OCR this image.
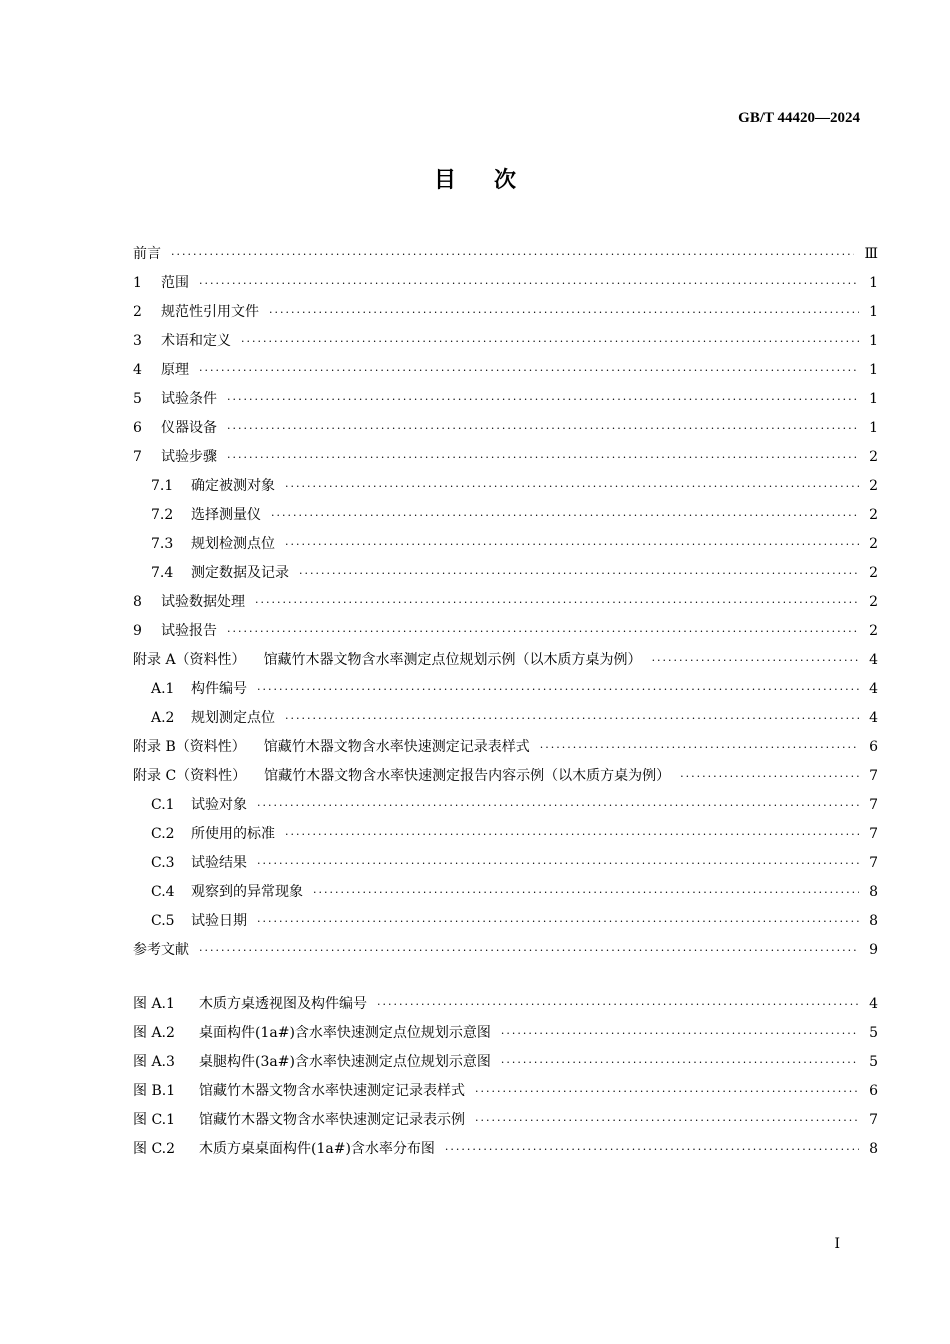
GB/T 44420—2024
目次
前言 ·····	Ⅲ
1	范围 ·····	1
2	规范性引用文件 ·····	1
3	术语和定义 ·····	1
4	原理 ·····	1
5	试验条件 ·····	1
6	仪器设备 ·····	1
7	试验步骤 ·····	2
7.1	确定被测对象 ·····	2
7.2	选择测量仪 ·····	2
7.3	规划检测点位 ·····	2
7.4	测定数据及记录 ·····	2
8	试验数据处理 ·····	2
9	试验报告 ·····	2
附录 A（资料性） 馆藏竹木器文物含水率测定点位规划示例（以木质方桌为例） ·····	4
A.1	构件编号 ·····	4
A.2	规划测定点位 ·····	4
附录 B（资料性） 馆藏竹木器文物含水率快速测定记录表样式 ·····	6
附录 C（资料性） 馆藏竹木器文物含水率快速测定报告内容示例（以木质方桌为例） ·····	7
C.1	试验对象 ·····	7
C.2	所使用的标准 ·····	7
C.3	试验结果 ·····	7
C.4	观察到的异常现象 ·····	8
C.5	试验日期 ·····	8
参考文献 ·····	9
图 A.1	木质方桌透视图及构件编号 ·····	4
图 A.2	桌面构件(1a#)含水率快速测定点位规划示意图 ·····	5
图 A.3	桌腿构件(3a#)含水率快速测定点位规划示意图 ·····	5
图 B.1	馆藏竹木器文物含水率快速测定记录表样式 ·····	6
图 C.1	馆藏竹木器文物含水率快速测定记录表示例 ·····	7
图 C.2	木质方桌桌面构件(1a#)含水率分布图 ·····	8
Ⅰ
